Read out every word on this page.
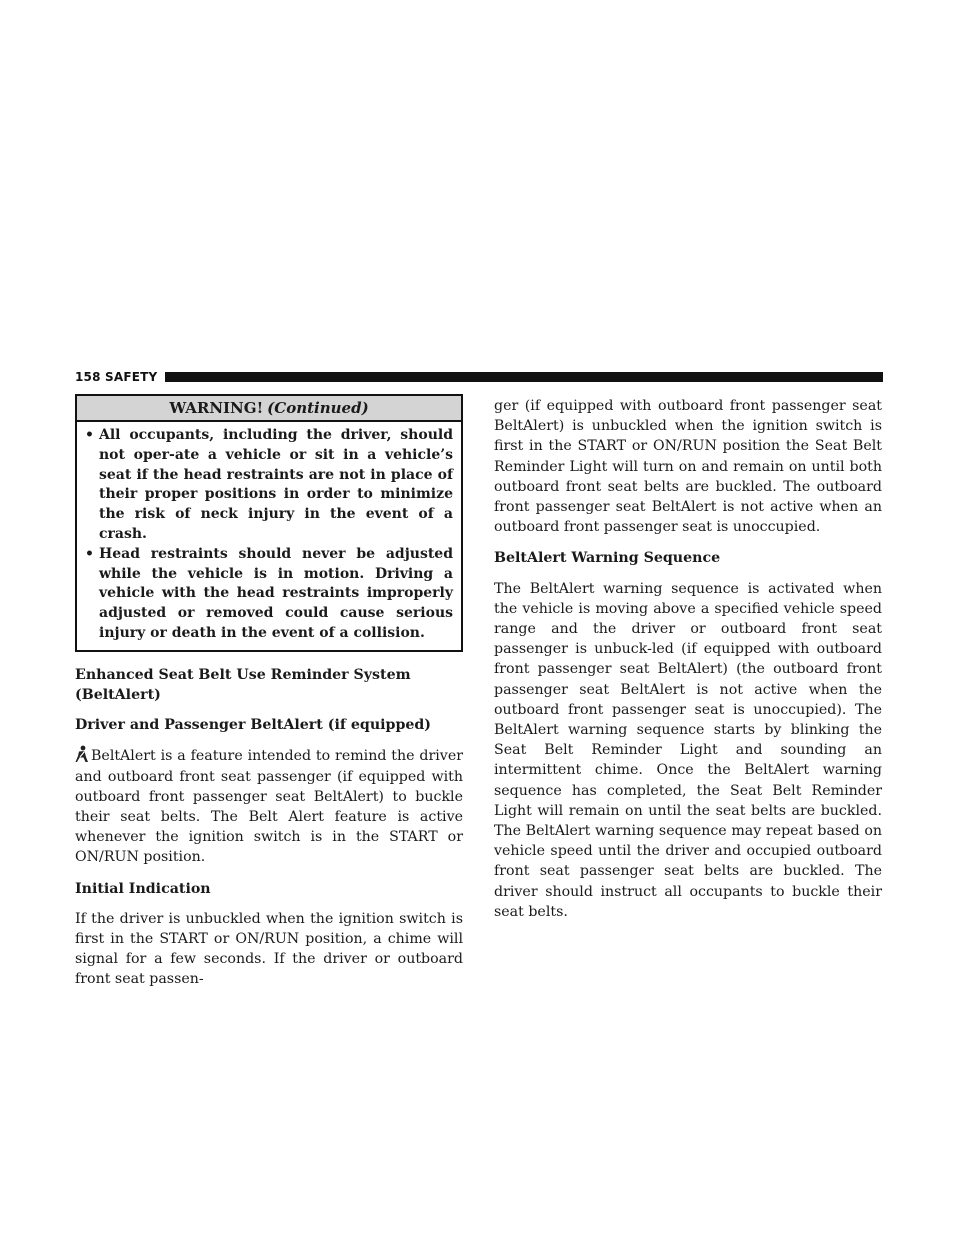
158 SAFETY
WARNING! (Continued)
• All occupants, including the driver, should not oper-ate a vehicle or sit in a vehicle’s seat if the head restraints are not in place of their proper positions in order to minimize the risk of neck injury in the event of a crash.
• Head restraints should never be adjusted while the vehicle is in motion. Driving a vehicle with the head restraints improperly adjusted or removed could cause serious injury or death in the event of a collision.
Enhanced Seat Belt Use Reminder System (BeltAlert)
Driver and Passenger BeltAlert (if equipped)

BeltAlert is a feature intended to remind the driver and outboard front seat passenger (if equipped with outboard front passenger seat BeltAlert) to buckle their seat belts. The Belt Alert feature is active whenever the ignition switch is in the START or ON/RUN position.

Initial Indication

If the driver is unbuckled when the ignition switch is first in the START or ON/RUN position, a chime will signal for a few seconds. If the driver or outboard front seat passen-

ger (if equipped with outboard front passenger seat BeltAlert) is unbuckled when the ignition switch is first in the START or ON/RUN position the Seat Belt Reminder Light will turn on and remain on until both outboard front seat belts are buckled. The outboard front passenger seat BeltAlert is not active when an outboard front passenger seat is unoccupied.

BeltAlert Warning Sequence

The BeltAlert warning sequence is activated when the vehicle is moving above a specified vehicle speed range and the driver or outboard front seat passenger is unbuck-led (if equipped with outboard front passenger seat BeltAlert) (the outboard front passenger seat BeltAlert is not active when the outboard front passenger seat is unoccupied). The BeltAlert warning sequence starts by blinking the Seat Belt Reminder Light and sounding an intermittent chime. Once the BeltAlert warning sequence has completed, the Seat Belt Reminder Light will remain on until the seat belts are buckled. The BeltAlert warning sequence may repeat based on vehicle speed until the driver and occupied outboard front seat passenger seat belts are buckled. The driver should instruct all occupants to buckle their seat belts.
